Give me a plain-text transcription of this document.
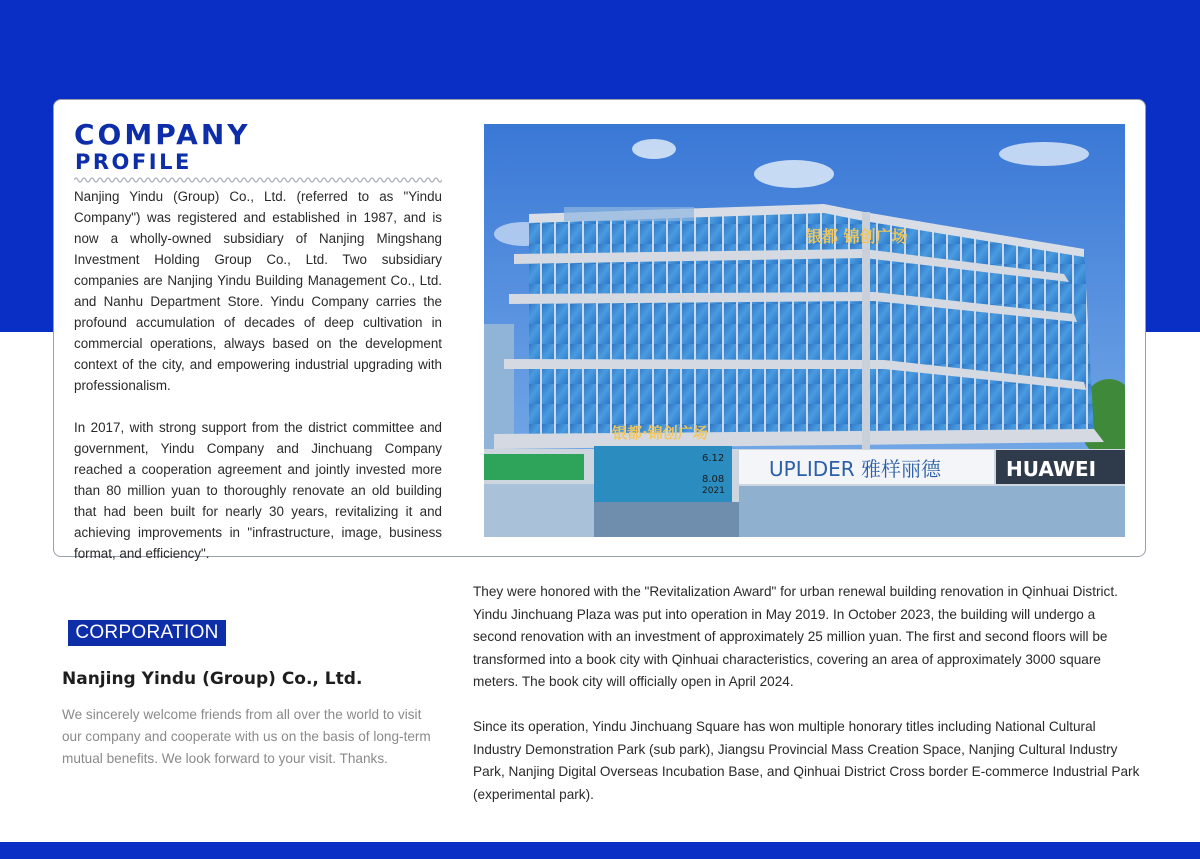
COMPANY
PROFILE

Nanjing Yindu (Group) Co., Ltd. (referred to as "Yindu Company") was registered and established in 1987, and is now a wholly-owned subsidiary of Nanjing Mingshang Investment Holding Group Co., Ltd. Two subsidiary companies are Nanjing Yindu Building Management Co., Ltd. and Nanhu Department Store. Yindu Company carries the profound accumulation of decades of deep cultivation in commercial operations, always based on the development context of the city, and empowering industrial upgrading with professionalism.

In 2017, with strong support from the district committee and government, Yindu Company and Jinchuang Company reached a cooperation agreement and jointly invested more than 80 million yuan to thoroughly renovate an old building that had been built for nearly 30 years, revitalizing it and achieving improvements in "infrastructure, image, business format, and efficiency".

银都 锦创广场
银都·锦创广场
6.12
8.08
2021
UPLIDER 雅样丽德	HUAWEI
CORPORATION
Nanjing Yindu (Group) Co., Ltd.

We sincerely welcome friends from all over the world to visit our company and cooperate with us on the basis of long-term mutual benefits. We look forward to your visit. Thanks.

They were honored with the "Revitalization Award" for urban renewal building renovation in Qinhuai District. Yindu Jinchuang Plaza was put into operation in May 2019. In October 2023, the building will undergo a second renovation with an investment of approximately 25 million yuan. The first and second floors will be transformed into a book city with Qinhuai characteristics, covering an area of approximately 3000 square meters. The book city will officially open in April 2024.

Since its operation, Yindu Jinchuang Square has won multiple honorary titles including National Cultural Industry Demonstration Park (sub park), Jiangsu Provincial Mass Creation Space, Nanjing Cultural Industry Park, Nanjing Digital Overseas Incubation Base, and Qinhuai District Cross border E-commerce Industrial Park (experimental park).
